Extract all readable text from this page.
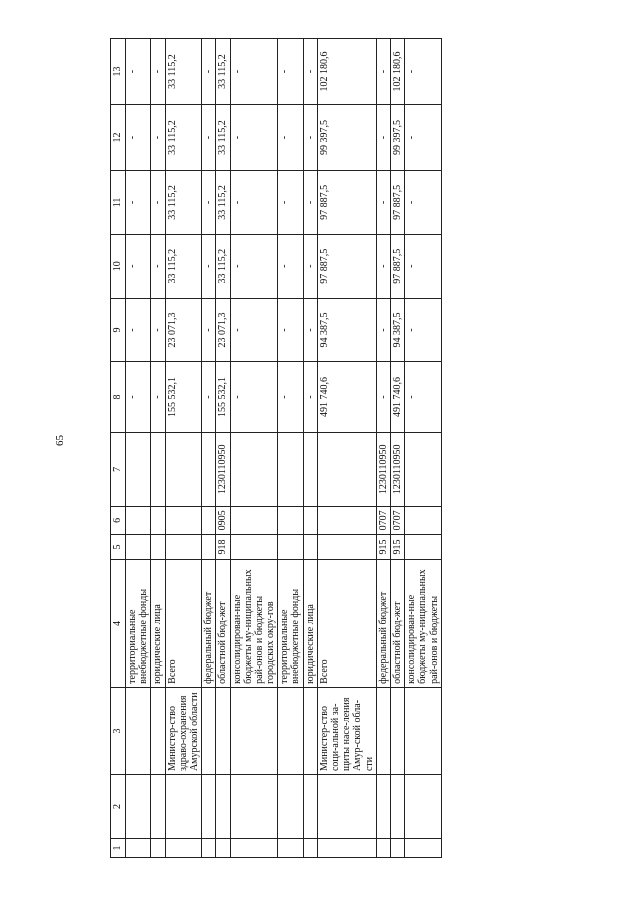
65
1	2	3	4	5	6	7	8	9	10	11	12	13
			территориальные внебюджетные фонды				-	-	-	-	-	-
			юридические лица				-	-	-	-	-	-
		Министер-ство здраво-охранения Амурской области	Всего				155 532,1	23 071,3	33 115,2	33 115,2	33 115,2	33 115,2
			федеральный бюджет				-	-	-	-	-	-
			областной бюд-жет	918	0905	1230110950	155 532,1	23 071,3	33 115,2	33 115,2	33 115,2	33 115,2
			консолидирован-ные бюджеты му-ниципальных рай-онов и бюджеты городских окру-гов				-	-	-	-	-	-
			территориальные внебюджетные фонды				-	-	-	-	-	-
			юридические лица				-	-	-	-	-	-
		Министер-ство соци-альной за-щиты насе-ления Амур-ской обла-сти	Всего				491 740,6	94 387,5	97 887,5	97 887,5	99 397,5	102 180,6
			федеральный бюджет	915	0707	1230110950	-	-	-	-	-	-
			областной бюд-жет	915	0707	1230110950	491 740,6	94 387,5	97 887,5	97 887,5	99 397,5	102 180,6
			консолидирован-ные бюджеты му-ниципальных рай-онов и бюджеты				-	-	-	-	-	-
